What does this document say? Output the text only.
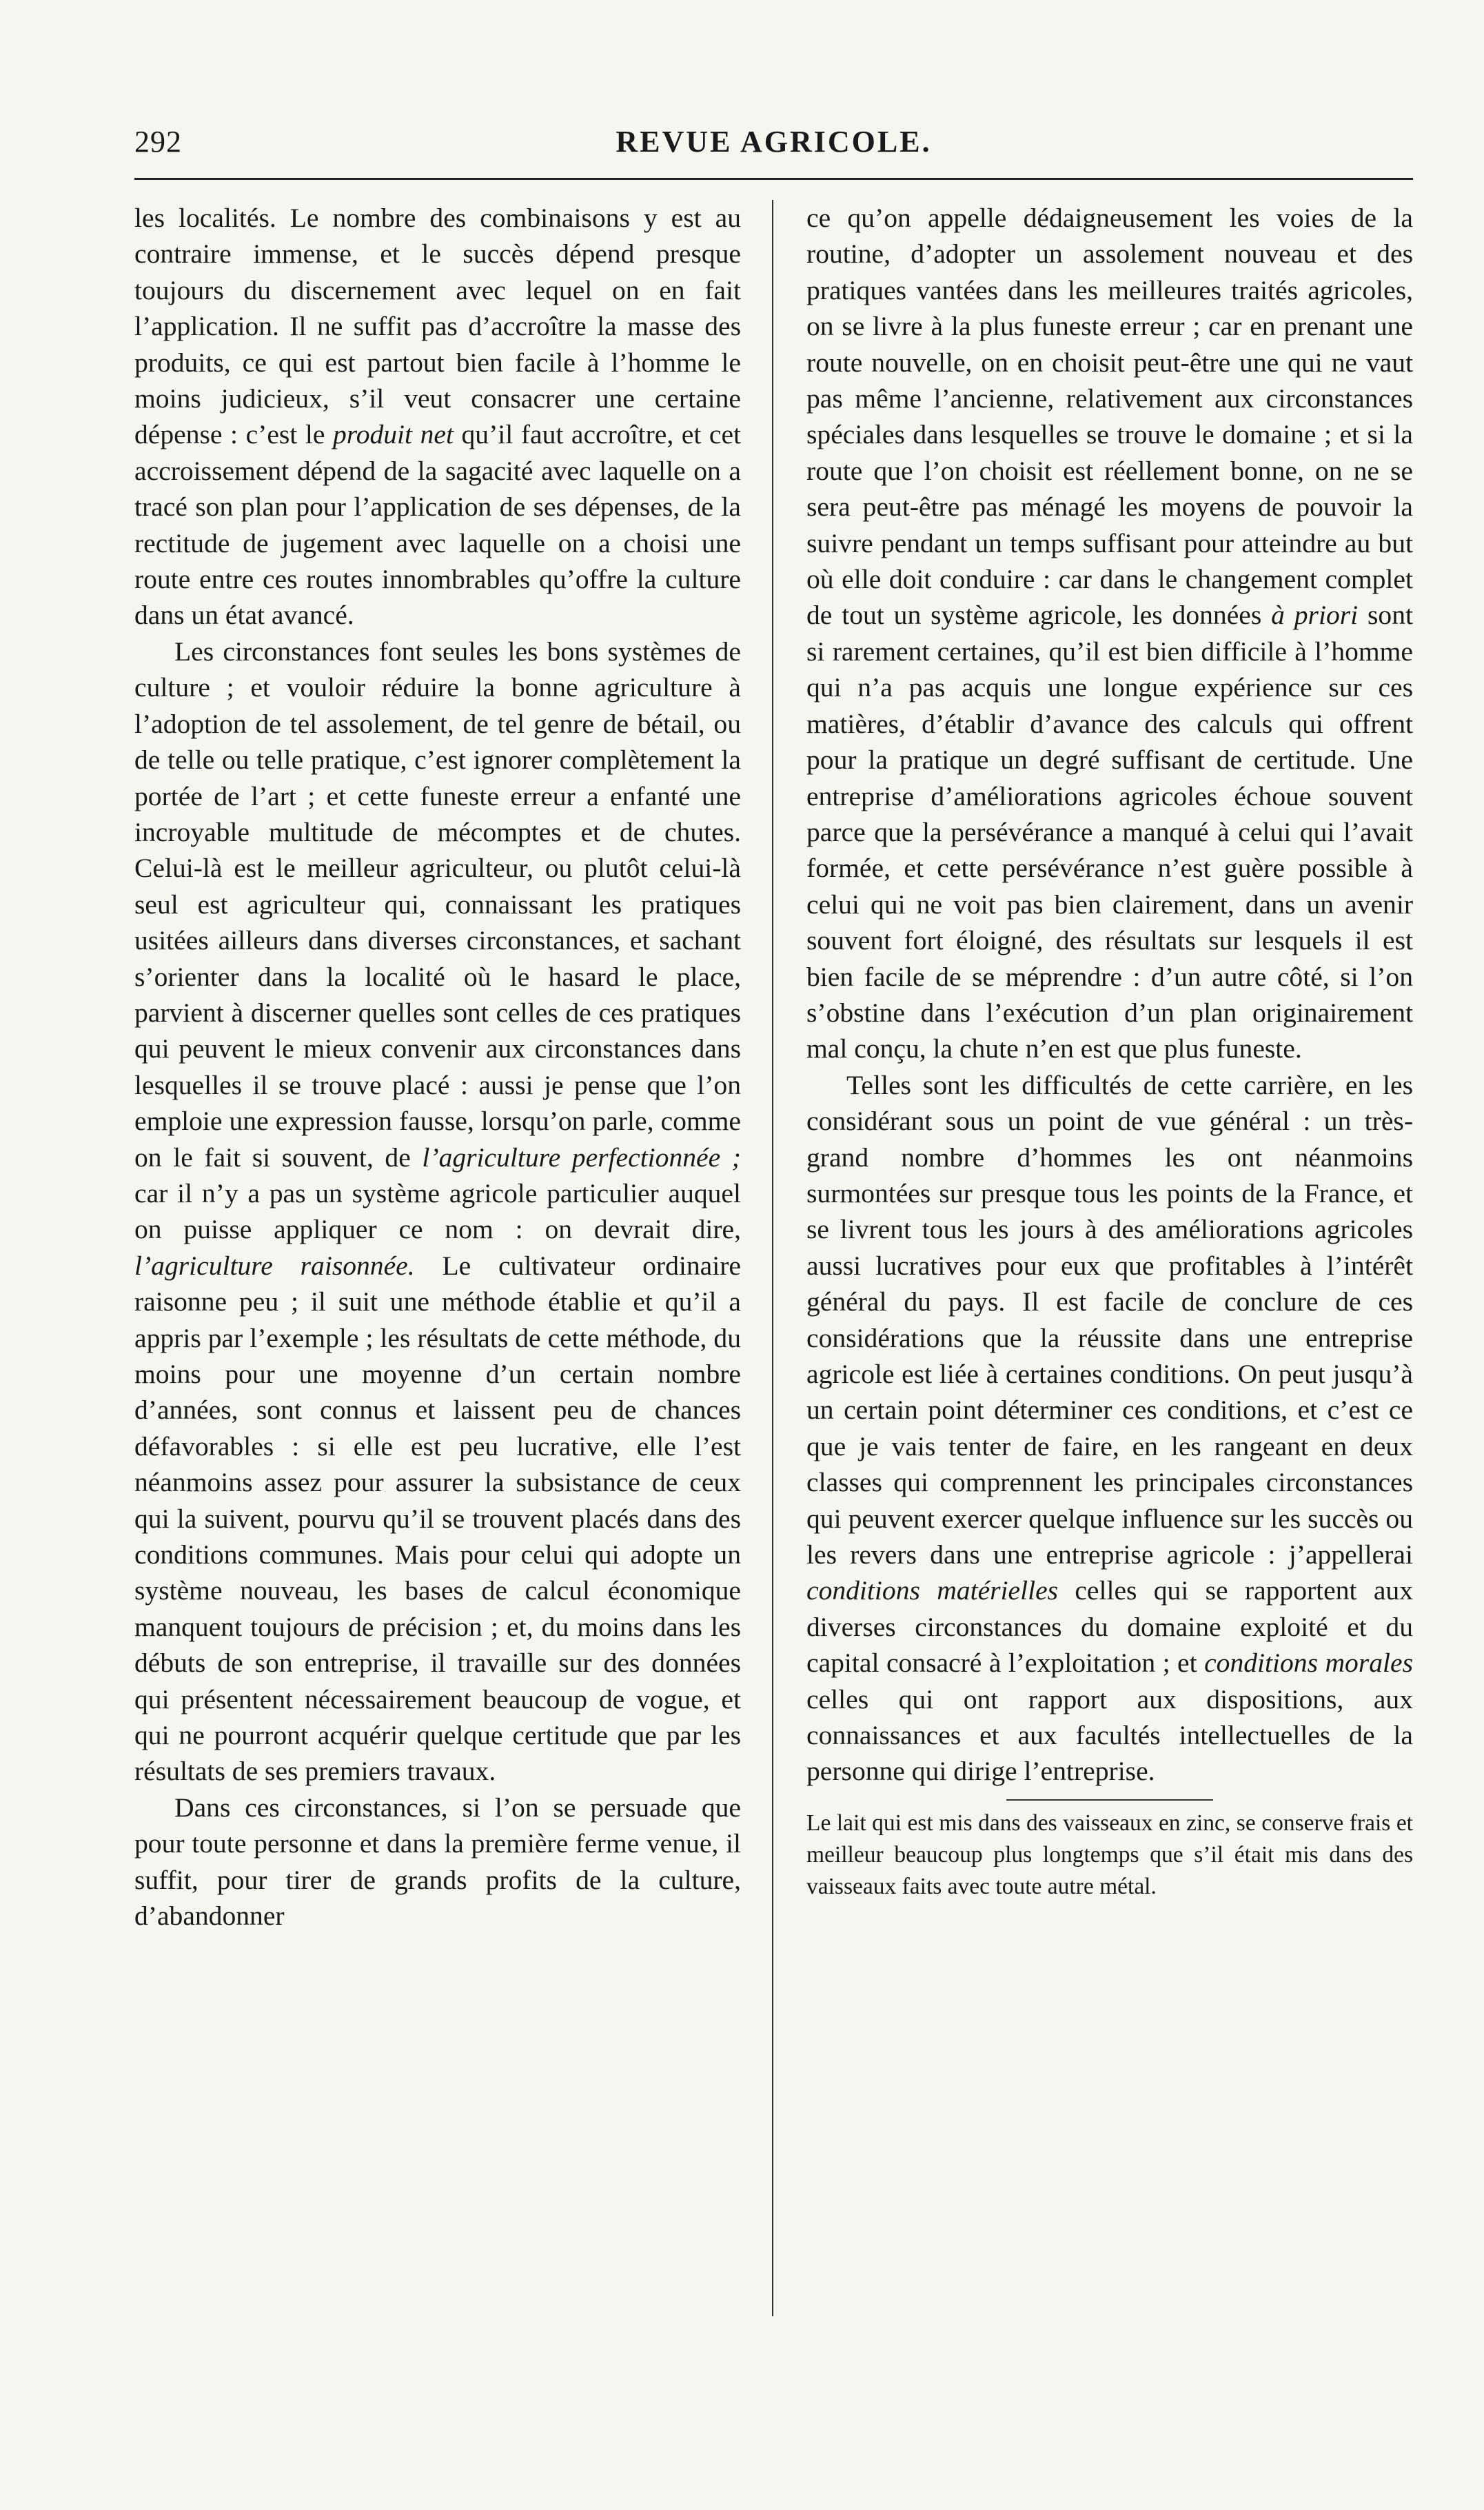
292	REVUE AGRICOLE.

les localités. Le nombre des combinaisons y est au contraire immense, et le succès dépend presque toujours du discernement avec lequel on en fait l’application. Il ne suffit pas d’accroître la masse des produits, ce qui est partout bien facile à l’homme le moins judicieux, s’il veut consacrer une certaine dépense : c’est le produit net qu’il faut accroître, et cet accroissement dépend de la sagacité avec laquelle on a tracé son plan pour l’application de ses dépenses, de la rectitude de jugement avec laquelle on a choisi une route entre ces routes innombrables qu’offre la culture dans un état avancé.

Les circonstances font seules les bons systèmes de culture ; et vouloir réduire la bonne agriculture à l’adoption de tel assolement, de tel genre de bétail, ou de telle ou telle pratique, c’est ignorer complètement la portée de l’art ; et cette funeste erreur a enfanté une incroyable multitude de mécomptes et de chutes. Celui-là est le meilleur agriculteur, ou plutôt celui-là seul est agriculteur qui, connaissant les pratiques usitées ailleurs dans diverses circonstances, et sachant s’orienter dans la localité où le hasard le place, parvient à discerner quelles sont celles de ces pratiques qui peuvent le mieux convenir aux circonstances dans lesquelles il se trouve placé : aussi je pense que l’on emploie une expression fausse, lorsqu’on parle, comme on le fait si souvent, de l’agriculture perfectionnée ; car il n’y a pas un système agricole particulier auquel on puisse appliquer ce nom : on devrait dire, l’agriculture raisonnée. Le cultivateur ordinaire raisonne peu ; il suit une méthode établie et qu’il a appris par l’exemple ; les résultats de cette méthode, du moins pour une moyenne d’un certain nombre d’années, sont connus et laissent peu de chances défavorables : si elle est peu lucrative, elle l’est néanmoins assez pour assurer la subsistance de ceux qui la suivent, pourvu qu’il se trouvent placés dans des conditions communes. Mais pour celui qui adopte un système nouveau, les bases de calcul économique manquent toujours de précision ; et, du moins dans les débuts de son entreprise, il travaille sur des données qui présentent nécessairement beaucoup de vogue, et qui ne pourront acquérir quelque certitude que par les résultats de ses premiers travaux.

Dans ces circonstances, si l’on se persuade que pour toute personne et dans la première ferme venue, il suffit, pour tirer de grands profits de la culture, d’abandonner

ce qu’on appelle dédaigneusement les voies de la routine, d’adopter un assolement nouveau et des pratiques vantées dans les meilleures traités agricoles, on se livre à la plus funeste erreur ; car en prenant une route nouvelle, on en choisit peut-être une qui ne vaut pas même l’ancienne, relativement aux circonstances spéciales dans lesquelles se trouve le domaine ; et si la route que l’on choisit est réellement bonne, on ne se sera peut-être pas ménagé les moyens de pouvoir la suivre pendant un temps suffisant pour atteindre au but où elle doit conduire : car dans le changement complet de tout un système agricole, les données à priori sont si rarement certaines, qu’il est bien difficile à l’homme qui n’a pas acquis une longue expérience sur ces matières, d’établir d’avance des calculs qui offrent pour la pratique un degré suffisant de certitude. Une entreprise d’améliorations agricoles échoue souvent parce que la persévérance a manqué à celui qui l’avait formée, et cette persévérance n’est guère possible à celui qui ne voit pas bien clairement, dans un avenir souvent fort éloigné, des résultats sur lesquels il est bien facile de se méprendre : d’un autre côté, si l’on s’obstine dans l’exécution d’un plan originairement mal conçu, la chute n’en est que plus funeste.

Telles sont les difficultés de cette carrière, en les considérant sous un point de vue général : un très-grand nombre d’hommes les ont néanmoins surmontées sur presque tous les points de la France, et se livrent tous les jours à des améliorations agricoles aussi lucratives pour eux que profitables à l’intérêt général du pays. Il est facile de conclure de ces considérations que la réussite dans une entreprise agricole est liée à certaines conditions. On peut jusqu’à un certain point déterminer ces conditions, et c’est ce que je vais tenter de faire, en les rangeant en deux classes qui comprennent les principales circonstances qui peuvent exercer quelque influence sur les succès ou les revers dans une entreprise agricole : j’appellerai conditions matérielles celles qui se rapportent aux diverses circonstances du domaine exploité et du capital consacré à l’exploitation ; et conditions morales celles qui ont rapport aux dispositions, aux connaissances et aux facultés intellectuelles de la personne qui dirige l’entreprise.

Le lait qui est mis dans des vaisseaux en zinc, se conserve frais et meilleur beaucoup plus longtemps que s’il était mis dans des vaisseaux faits avec toute autre métal.
